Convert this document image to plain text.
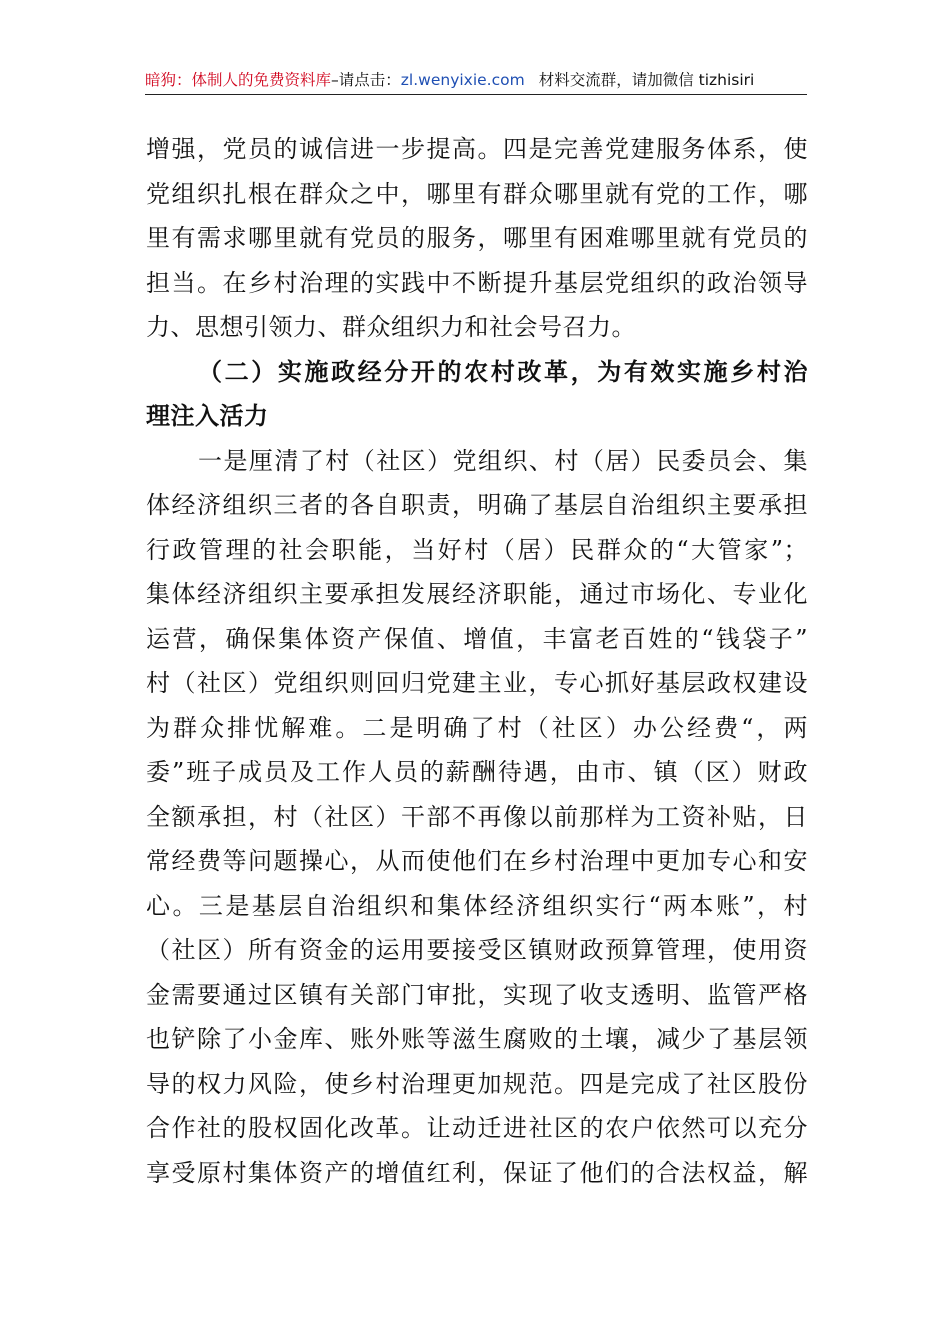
暗狗：体制人的免费资料库–请点击：zl.wenyixie.com 材料交流群，请加微信 tizhisiri
增强，党员的诚信进一步提高。四是完善党建服务体系，使
党组织扎根在群众之中，哪里有群众哪里就有党的工作，哪
里有需求哪里就有党员的服务，哪里有困难哪里就有党员的
担当。在乡村治理的实践中不断提升基层党组织的政治领导
力、思想引领力、群众组织力和社会号召力。
（二）实施政经分开的农村改革，为有效实施乡村治
理注入活力
一是厘清了村（社区）党组织、村（居）民委员会、集
体经济组织三者的各自职责，明确了基层自治组织主要承担
行政管理的社会职能，当好村（居）民群众的“大管家”；
集体经济组织主要承担发展经济职能，通过市场化、专业化
运营，确保集体资产保值、增值，丰富老百姓的“钱袋子”
村（社区）党组织则回归党建主业，专心抓好基层政权建设
为群众排忧解难。二是明确了村（社区）办公经费“，两
委”班子成员及工作人员的薪酬待遇，由市、镇（区）财政
全额承担，村（社区）干部不再像以前那样为工资补贴，日
常经费等问题操心，从而使他们在乡村治理中更加专心和安
心。三是基层自治组织和集体经济组织实行“两本账”，村
（社区）所有资金的运用要接受区镇财政预算管理，使用资
金需要通过区镇有关部门审批，实现了收支透明、监管严格
也铲除了小金库、账外账等滋生腐败的土壤，减少了基层领
导的权力风险，使乡村治理更加规范。四是完成了社区股份
合作社的股权固化改革。让动迁进社区的农户依然可以充分
享受原村集体资产的增值红利，保证了他们的合法权益，解
